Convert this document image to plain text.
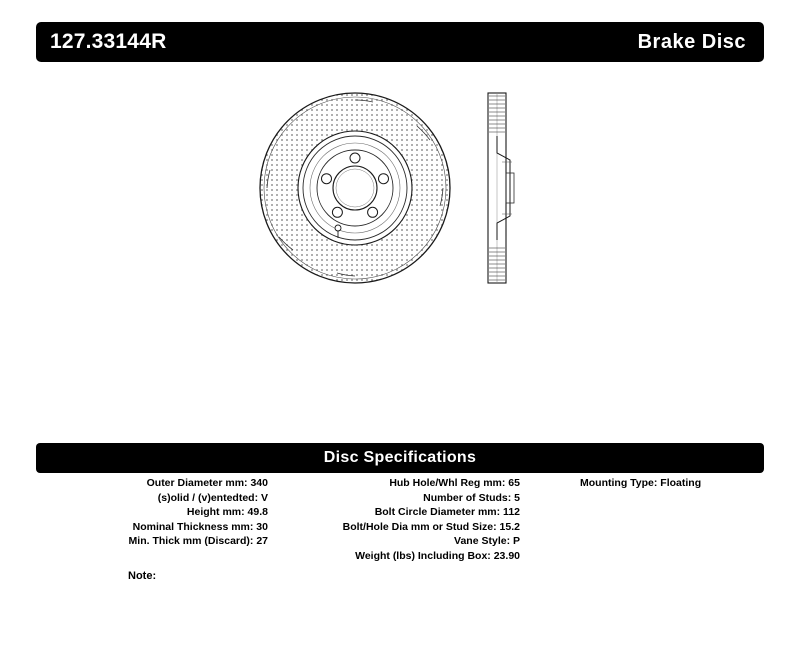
127.33144R	Brake Disc
Disc Specifications
Outer Diameter mm: 340
(s)olid / (v)entedted: V
Height mm: 49.8
Nominal Thickness mm: 30
Min. Thick mm (Discard): 27
Hub Hole/Whl Reg mm: 65
Number of Studs: 5
Bolt Circle Diameter mm: 112
Bolt/Hole Dia mm or Stud Size: 15.2
Vane Style: P
Weight (lbs) Including Box: 23.90
Mounting Type: Floating
Note:
